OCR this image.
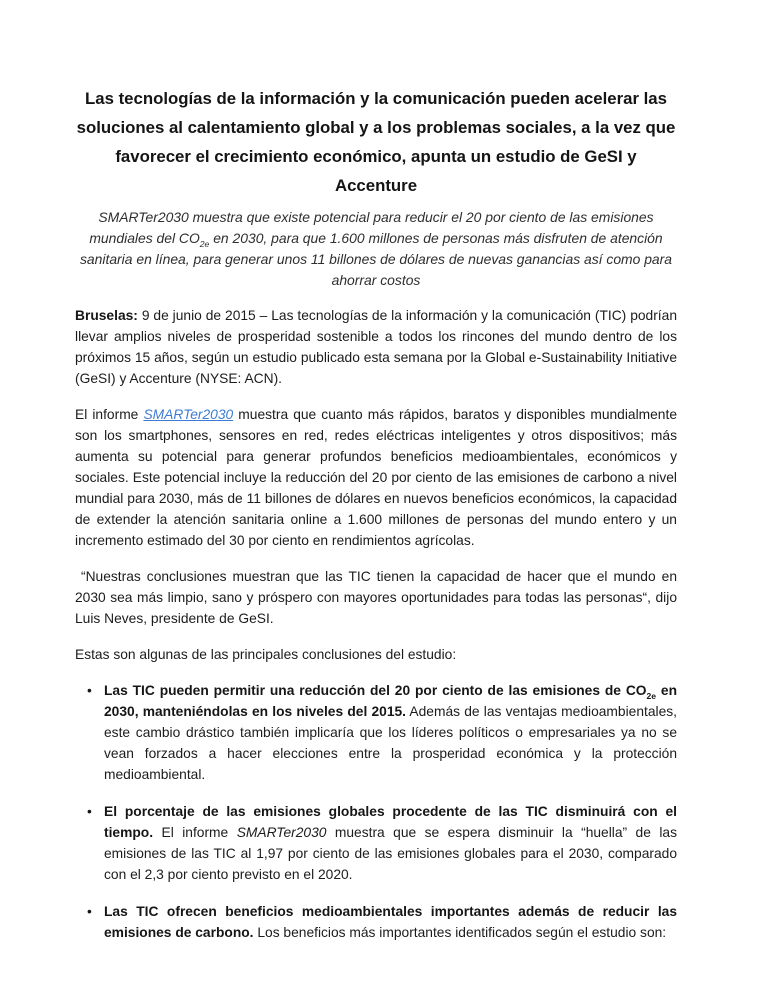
Las tecnologías de la información y la comunicación pueden acelerar las
soluciones al calentamiento global y a los problemas sociales, a la vez que
favorecer el crecimiento económico, apunta un estudio de GeSI y Accenture

SMARTer2030 muestra que existe potencial para reducir el 20 por ciento de las emisiones mundiales del $CO_{2e}$ en 2030, para que 1.600 millones de personas más disfruten de atención sanitaria en línea, para generar unos 11 billones de dólares de nuevas ganancias así como para ahorrar costos

Bruselas: 9 de junio de 2015 – Las tecnologías de la información y la comunicación (TIC) podrían llevar amplios niveles de prosperidad sostenible a todos los rincones del mundo dentro de los próximos 15 años, según un estudio publicado esta semana por la Global e-Sustainability Initiative (GeSI) y Accenture (NYSE: ACN).

El informe SMARTer2030 muestra que cuanto más rápidos, baratos y disponibles mundialmente son los smartphones, sensores en red, redes eléctricas inteligentes y otros dispositivos; más aumenta su potencial para generar profundos beneficios medioambientales, económicos y sociales. Este potencial incluye la reducción del 20 por ciento de las emisiones de carbono a nivel mundial para 2030, más de 11 billones de dólares en nuevos beneficios económicos, la capacidad de extender la atención sanitaria online a 1.600 millones de personas del mundo entero y un incremento estimado del 30 por ciento en rendimientos agrícolas.

“Nuestras conclusiones muestran que las TIC tienen la capacidad de hacer que el mundo en 2030 sea más limpio, sano y próspero con mayores oportunidades para todas las personas“, dijo Luis Neves, presidente de GeSI.

Estas son algunas de las principales conclusiones del estudio:

• Las TIC pueden permitir una reducción del 20 por ciento de las emisiones de $CO_{2e}$ en 2030, manteniéndolas en los niveles del 2015. Además de las ventajas medioambientales, este cambio drástico también implicaría que los líderes políticos o empresariales ya no se vean forzados a hacer elecciones entre la prosperidad económica y la protección medioambiental.
• El porcentaje de las emisiones globales procedente de las TIC disminuirá con el tiempo. El informe SMARTer2030 muestra que se espera disminuir la “huella” de las emisiones de las TIC al 1,97 por ciento de las emisiones globales para el 2030, comparado con el 2,3 por ciento previsto en el 2020.
• Las TIC ofrecen beneficios medioambientales importantes además de reducir las emisiones de carbono. Los beneficios más importantes identificados según el estudio son:
